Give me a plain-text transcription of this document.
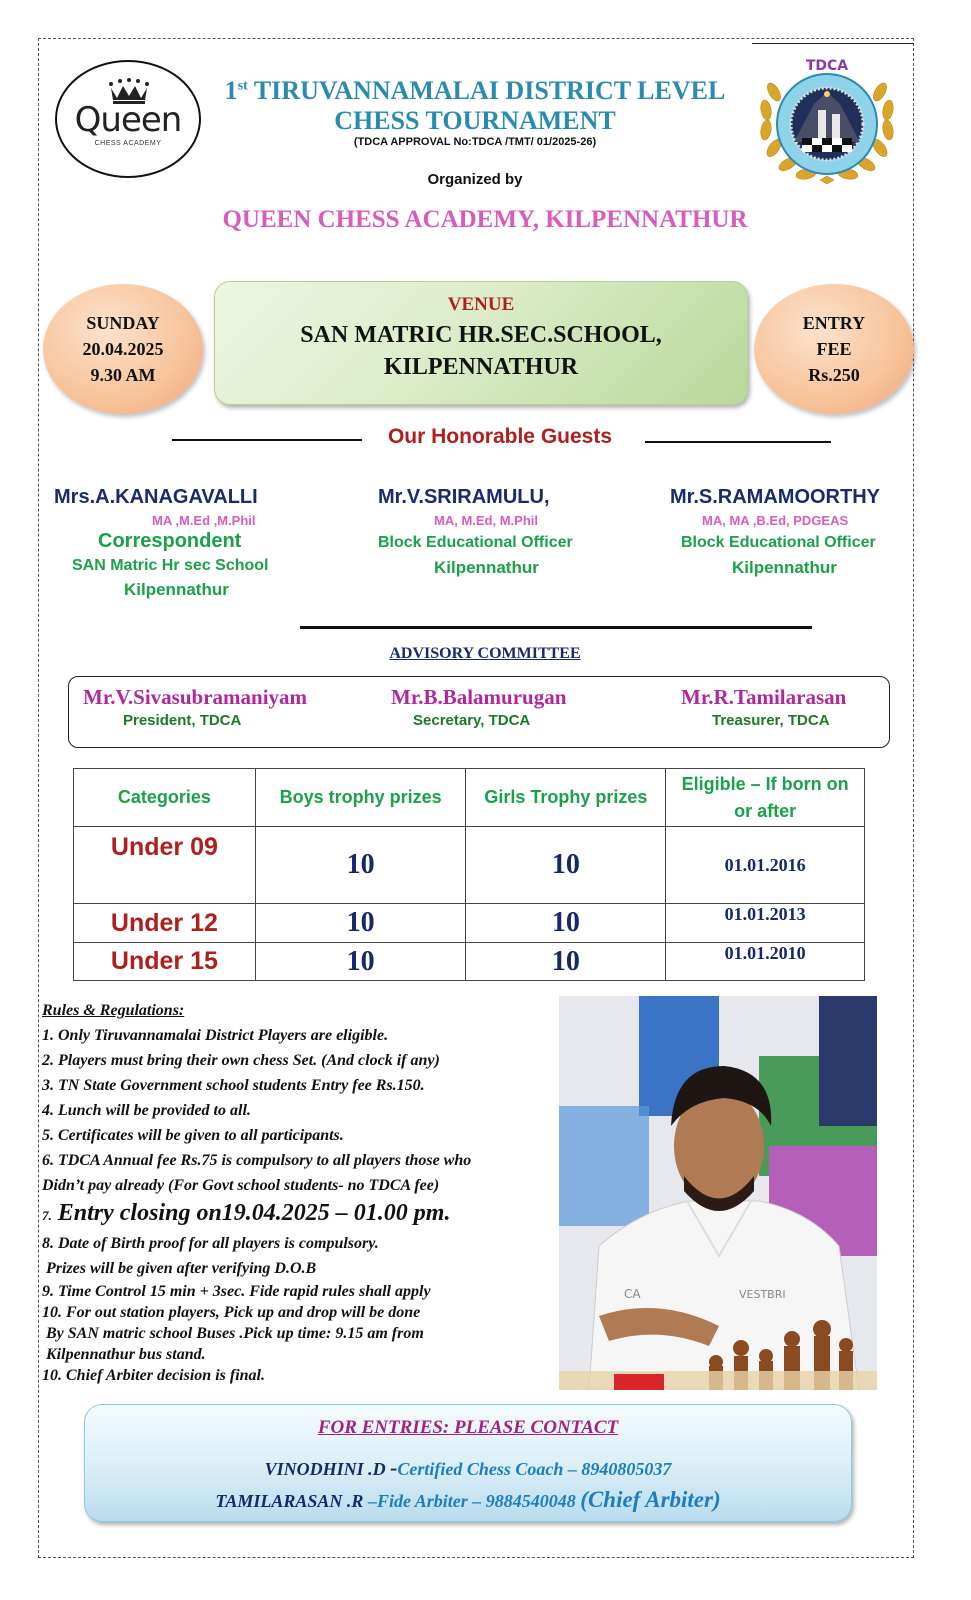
Queen
CHESS ACADEMY
TDCA
1st TIRUVANNAMALAI DISTRICT LEVEL
CHESS TOURNAMENT
(TDCA APPROVAL No:TDCA /TMT/ 01/2025-26)
Organized by
QUEEN CHESS ACADEMY, KILPENNATHUR
SUNDAY
20.04.2025
9.30 AM
VENUE
SAN MATRIC HR.SEC.SCHOOL,
KILPENNATHUR
ENTRY
FEE
Rs.250
Our Honorable Guests
Mrs.A.KANAGAVALLI
MA ,M.Ed ,M.Phil
Correspondent
SAN Matric Hr sec School
Kilpennathur
Mr.V.SRIRAMULU,
MA, M.Ed, M.Phil
Block Educational Officer
Kilpennathur
Mr.S.RAMAMOORTHY
MA, MA ,B.Ed, PDGEAS
Block Educational Officer
Kilpennathur
ADVISORY COMMITTEE
Mr.V.Sivasubramaniyam
President, TDCA
Mr.B.Balamurugan
Secretary, TDCA
Mr.R.Tamilarasan
Treasurer, TDCA
Categories	Boys trophy prizes	Girls Trophy prizes	Eligible – If born on or after
Under 09	10	10	01.01.2016
Under 12	10	10	01.01.2013
Under 15	10	10	01.01.2010
Rules & Regulations:
1. Only Tiruvannamalai District Players are eligible.
2. Players must bring their own chess Set. (And clock if any)
3. TN State Government school students Entry fee Rs.150.
4. Lunch will be provided to all.
5. Certificates will be given to all participants.
6. TDCA Annual fee Rs.75 is compulsory to all players those who
Didn’t pay already (For Govt school students- no TDCA fee)
7. Entry closing on19.04.2025 – 01.00 pm.
8. Date of Birth proof for all players is compulsory.
Prizes will be given after verifying D.O.B
9. Time Control 15 min + 3sec. Fide rapid rules shall apply
10. For out station players, Pick up and drop will be done
By SAN matric school Buses .Pick up time: 9.15 am from
Kilpennathur bus stand.
10. Chief Arbiter decision is final.
CA	VESTBRI
FOR ENTRIES: PLEASE CONTACT
VINODHINI .D -Certified Chess Coach – 8940805037
TAMILARASAN .R –Fide Arbiter – 9884540048 (Chief Arbiter)
